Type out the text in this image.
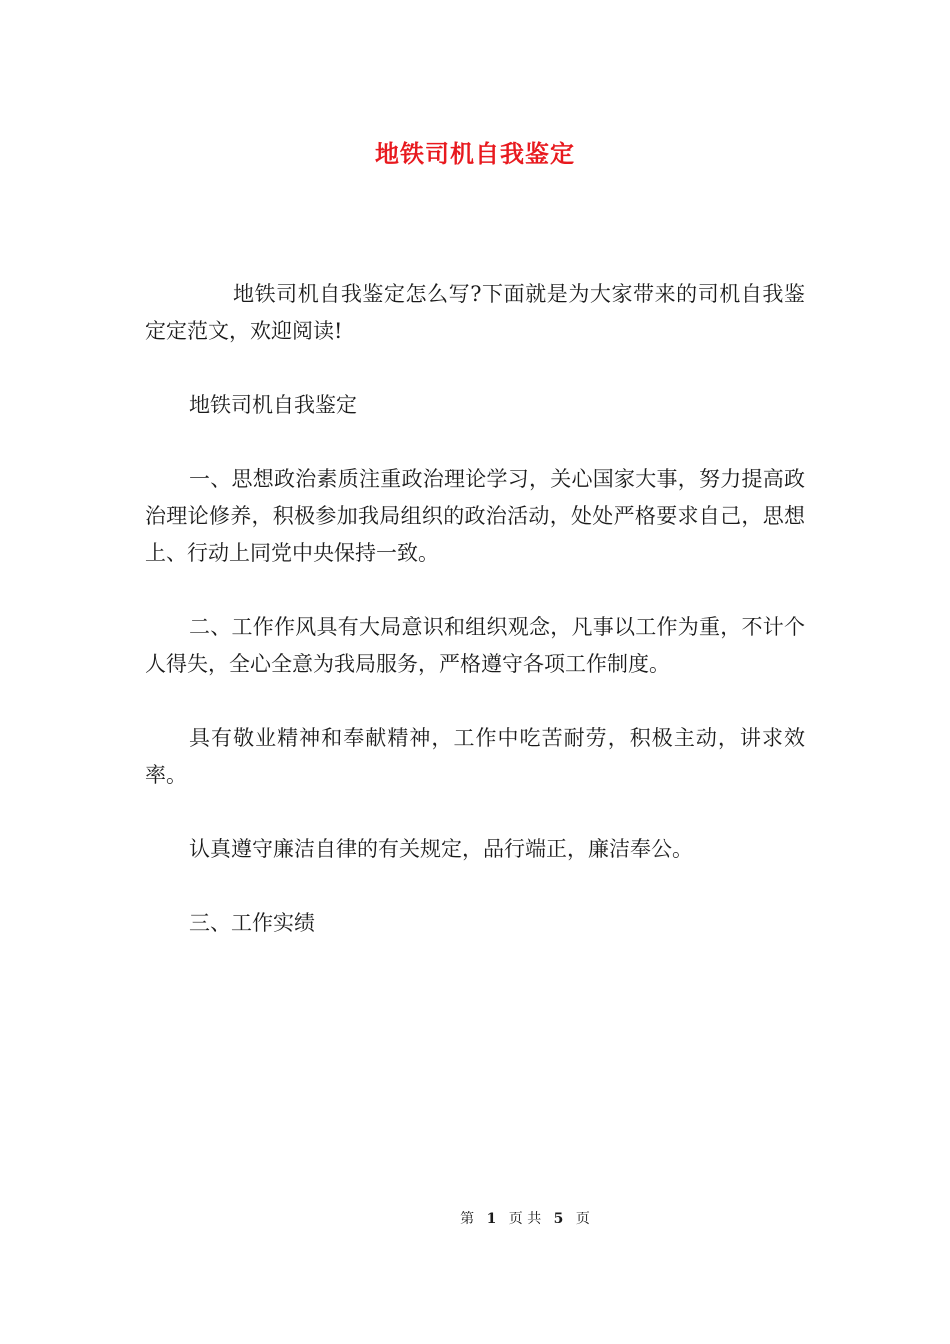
地铁司机自我鉴定

地铁司机自我鉴定怎么写?下面就是为大家带来的司机自我鉴定定范文，欢迎阅读!

地铁司机自我鉴定

一、思想政治素质注重政治理论学习，关心国家大事，努力提高政治理论修养，积极参加我局组织的政治活动，处处严格要求自己，思想上、行动上同党中央保持一致。

二、工作作风具有大局意识和组织观念，凡事以工作为重，不计个人得失，全心全意为我局服务，严格遵守各项工作制度。

具有敬业精神和奉献精神，工作中吃苦耐劳，积极主动，讲求效率。

认真遵守廉洁自律的有关规定，品行端正，廉洁奉公。

三、工作实绩

第 1 页 共 5 页
